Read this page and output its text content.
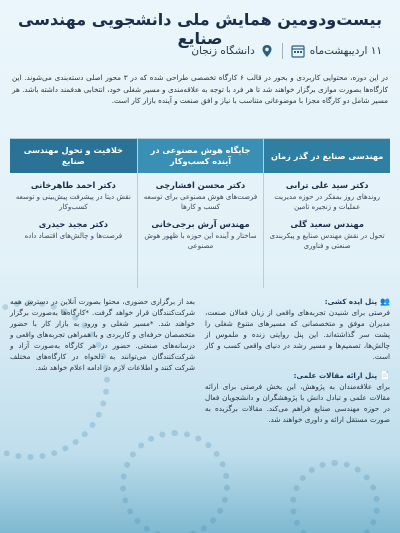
بیست‌ودومین همایش ملی دانشجویی مهندسی صنایع
۱۱ اردیبهشت‌ماه
دانشگاه زنجان
در این دوره، محتوایی کاربردی و بحور در قالب ۶ کارگاه تخصصی طراحی شده که در ۳ محور اصلی دسته‌بندی می‌شوند. این کارگاه‌ها بصورت موازی برگزار خواهند شد تا هر فرد با توجه به علاقه‌مندی و مسیر شغلی خود، انتخابی هدفمند داشته باشد. هر مسیر شامل دو کارگاه مجزا با موضوعاتی متناسب با نیاز و افق صنعت و آینده بازار کار است.
مهندسی صنایع در گذر زمان
دکتر سید علی ترابی
روندهای روز بمفکر در حوزه مدیریت عملیات و زنجیره تامین
مهندس سعید گلی
تحول در نقش مهندس صنایع و پیکربندی صنعتی و فناوری
جایگاه هوش مصنوعی در آینده کسب‌وکار
دکتر محسن افشارچی
فرصت‌های هوش مصنوعی برای توسعه کسب و کارها
مهندس آرش برجی‌خانی
ساختار و آینده این حوزه با ظهور هوش مصنوعی
خلاقیت و تحول مهندسی صنایع
دکتر احمد طاهرخانی
نقش دیتا در پیشرفت پیش‌بینی و توسعه کسب‌وکار
دکتر مجید حیدری
فرصت‌ها و چالش‌های اقتصاد داده
👥
پنل ایده کشی:
فرصتی برای شنیدن تجربه‌های واقعی از زبان فعالان صنعت، مدیران موفق و متخصصانی که مسیرهای متنوع شغلی را پشت سر گذاشته‌اند. این پنل روایتی زنده و ملموس از چالش‌ها، تصمیم‌ها و مسیر رشد در دنیای واقعی کسب و کار است.
📄
پنل ارائه مقالات علمی:
برای علاقه‌مندان به پژوهش، این بخش فرصتی برای ارائه مقالات علمی و تبادل دانش با پژوهشگران و دانشجویان فعال در حوزه مهندسی صنایع فراهم می‌کند. مقالات برگزیده به صورت مستقل ارائه و داوری خواهند شد.
بعد از برگزاری حضوری، محتوا بصورت آنلاین در دسترس همه شرکت‌کنندگان قرار خواهد گرفت. *کارگاه‌ها به‌صورت برگزار خواهند شد. *مسیر شغلی و ورود به بازار کار با حضور متخصصان حرفه‌ای و کاربردی و با همراهی تجربه‌های واقعی و درسانه‌های صنعتی. حضور در هر کارگاه به‌صورت آزاد و شرکت‌کنندگان می‌توانند به دلخواه در کارگاه‌های مختلف شرکت کنند و اطلاعات لازم در ادامه اعلام خواهد شد.
